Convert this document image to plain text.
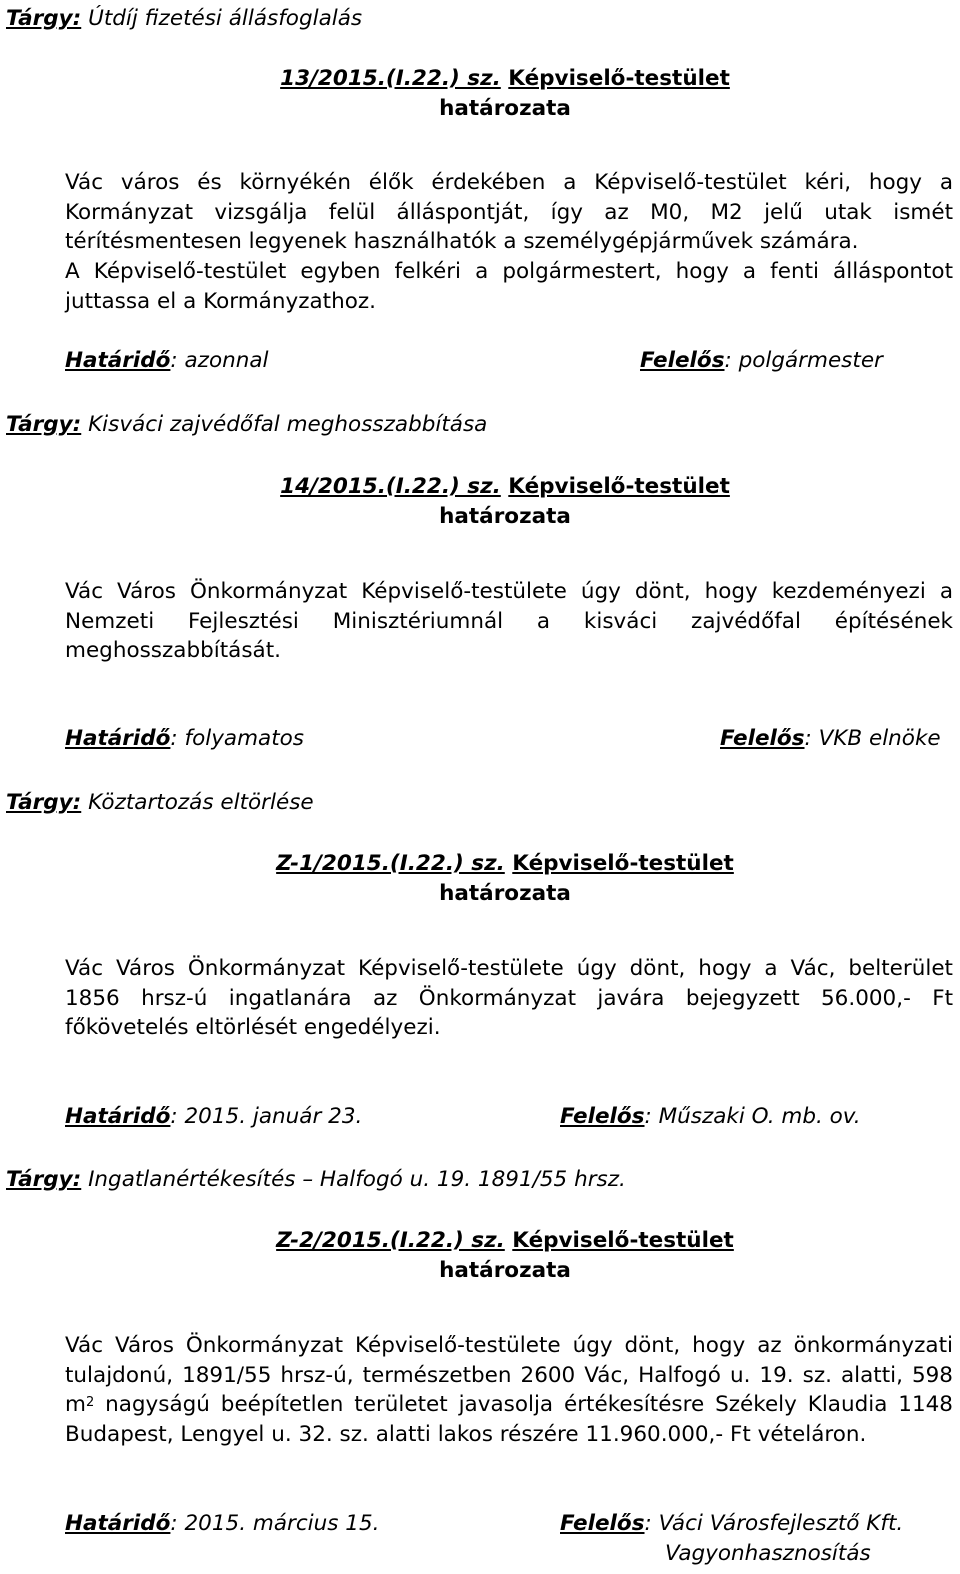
Tárgy: Útdíj fizetési állásfoglalás
13/2015.(I.22.) sz. Képviselő-testület
határozata
Vác város és környékén élők érdekében a Képviselő-testület kéri, hogy a Kormányzat vizsgálja felül álláspontját, így az M0, M2 jelű utak ismét térítésmentesen legyenek használhatók a személygépjárművek számára.
A Képviselő-testület egyben felkéri a polgármestert, hogy a fenti álláspontot juttassa el a Kormányzathoz.
Határidő: azonnal	Felelős: polgármester
Tárgy: Kisváci zajvédőfal meghosszabbítása
14/2015.(I.22.) sz. Képviselő-testület
határozata
Vác Város Önkormányzat Képviselő-testülete úgy dönt, hogy kezdeményezi a Nemzeti Fejlesztési Minisztériumnál a kisváci zajvédőfal építésének meghosszabbítását.
Határidő: folyamatos	Felelős: VKB elnöke
Tárgy: Köztartozás eltörlése
Z-1/2015.(I.22.) sz. Képviselő-testület
határozata
Vác Város Önkormányzat Képviselő-testülete úgy dönt, hogy a Vác, belterület 1856 hrsz-ú ingatlanára az Önkormányzat javára bejegyzett 56.000,- Ft főkövetelés eltörlését engedélyezi.
Határidő: 2015. január 23.	Felelős: Műszaki O. mb. ov.
Tárgy: Ingatlanértékesítés – Halfogó u. 19. 1891/55 hrsz.
Z-2/2015.(I.22.) sz. Képviselő-testület
határozata
Vác Város Önkormányzat Képviselő-testülete úgy dönt, hogy az önkormányzati tulajdonú, 1891/55 hrsz-ú, természetben 2600 Vác, Halfogó u. 19. sz. alatti, 598 $m^2$ nagyságú beépítetlen területet javasolja értékesítésre Székely Klaudia 1148 Budapest, Lengyel u. 32. sz. alatti lakos részére 11.960.000,- Ft vételáron.
Határidő: 2015. március 15.	Felelős: Váci Városfejlesztő Kft.
Vagyonhasznosítás
